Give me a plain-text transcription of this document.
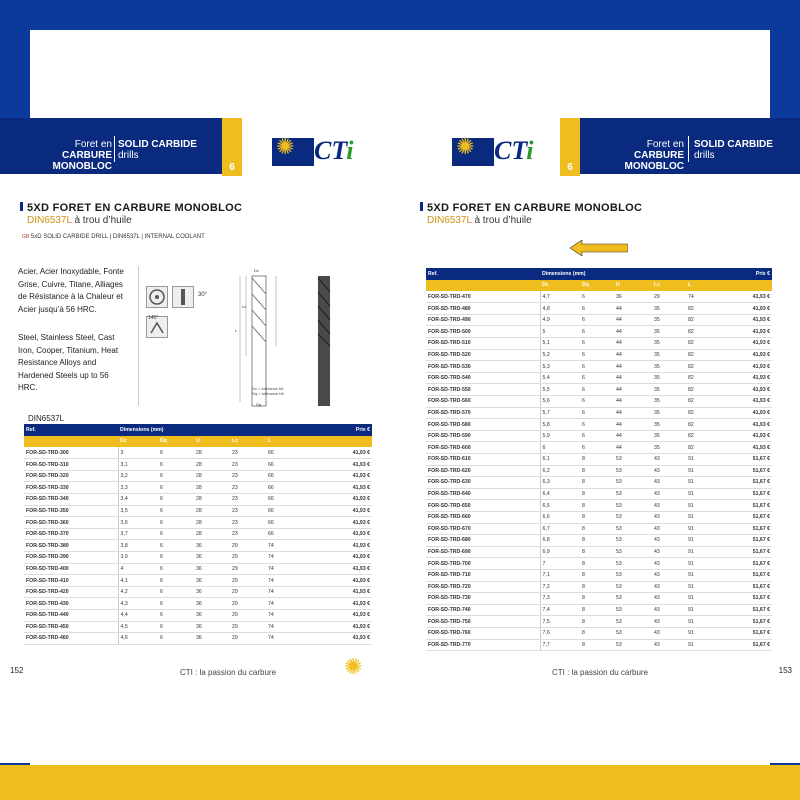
Foret en
CARBURE MONOBLOC
SOLID CARBIDE
drills
6
✺ CTi
5XD FORET EN CARBURE MONOBLOC
DIN6537L à trou d’huile
GB 5xD SOLID CARBIDE DRILL | DIN6537L | INTERNAL COOLANT
Acier, Acier Inoxydable, Fonte Grise, Cuivre, Titane, Alliages de Résistance à la Chaleur et Acier jusqu’à 56 HRC.
Steel, Stainless Steel, Cast Iron, Cooper, Titanium, Heat Resistance Alloys and Hardened Steels up to 56 HRC.
30°
140°
Dc = tolérance h8
Dq = tolérance h6
Dc
Dq
L
Lc
DIN6537L
Ref.	Dimensions (mm)					Prix €
	Dc	Dq	U	Lc	L	
FOR-SD-TRD-300	3	6	28	23	66	41,93 €
FOR-SD-TRD-310	3,1	6	28	23	66	41,93 €
FOR-SD-TRD-320	3,2	6	28	23	66	41,93 €
FOR-SD-TRD-330	3,3	6	28	23	66	41,93 €
FOR-SD-TRD-340	3,4	6	28	23	66	41,93 €
FOR-SD-TRD-350	3,5	6	28	23	66	41,93 €
FOR-SD-TRD-360	3,6	6	28	23	66	41,93 €
FOR-SD-TRD-370	3,7	6	28	23	66	41,93 €
FOR-SD-TRD-380	3,8	6	36	29	74	41,93 €
FOR-SD-TRD-390	3,9	6	36	29	74	41,93 €
FOR-SD-TRD-400	4	6	36	29	74	41,93 €
FOR-SD-TRD-410	4,1	6	36	29	74	41,93 €
FOR-SD-TRD-420	4,2	6	36	29	74	41,93 €
FOR-SD-TRD-430	4,3	6	36	29	74	41,93 €
FOR-SD-TRD-440	4,4	6	36	29	74	41,93 €
FOR-SD-TRD-450	4,5	6	36	29	74	41,93 €
FOR-SD-TRD-460	4,6	6	36	29	74	41,93 €
152	CTI : la passion du carbure	✺
Foret en
CARBURE MONOBLOC
SOLID CARBIDE
drills
6
✺ CTi
5XD FORET EN CARBURE MONOBLOC
DIN6537L à trou d’huile
Ref.	Dimensions (mm)					Prix €
	Dc	Dq	U	Lc	L	
FOR-SD-TRD-470	4,7	6	36	29	74	41,93 €
FOR-SD-TRD-480	4,8	6	44	35	82	41,93 €
FOR-SD-TRD-490	4,9	6	44	35	82	41,93 €
FOR-SD-TRD-500	5	6	44	35	82	41,93 €
FOR-SD-TRD-510	5,1	6	44	35	82	41,93 €
FOR-SD-TRD-520	5,2	6	44	35	82	41,93 €
FOR-SD-TRD-530	5,3	6	44	35	82	41,93 €
FOR-SD-TRD-540	5,4	6	44	35	82	41,93 €
FOR-SD-TRD-550	5,5	6	44	35	82	41,93 €
FOR-SD-TRD-560	5,6	6	44	35	82	41,93 €
FOR-SD-TRD-570	5,7	6	44	35	82	41,93 €
FOR-SD-TRD-580	5,8	6	44	35	82	41,93 €
FOR-SD-TRD-590	5,9	6	44	35	82	41,93 €
FOR-SD-TRD-600	6	6	44	35	82	41,93 €
FOR-SD-TRD-610	6,1	8	53	43	91	51,67 €
FOR-SD-TRD-620	6,2	8	53	43	91	51,67 €
FOR-SD-TRD-630	6,3	8	53	43	91	51,67 €
FOR-SD-TRD-640	6,4	8	53	43	91	51,67 €
FOR-SD-TRD-650	6,5	8	53	43	91	51,67 €
FOR-SD-TRD-660	6,6	8	53	43	91	51,67 €
FOR-SD-TRD-670	6,7	8	53	43	91	51,67 €
FOR-SD-TRD-680	6,8	8	53	43	91	51,67 €
FOR-SD-TRD-690	6,9	8	53	43	91	51,67 €
FOR-SD-TRD-700	7	8	53	43	91	51,67 €
FOR-SD-TRD-710	7,1	8	53	43	91	51,67 €
FOR-SD-TRD-720	7,2	8	53	43	91	51,67 €
FOR-SD-TRD-730	7,3	8	53	43	91	51,67 €
FOR-SD-TRD-740	7,4	8	53	43	91	51,67 €
FOR-SD-TRD-750	7,5	8	53	43	91	51,67 €
FOR-SD-TRD-760	7,6	8	53	43	91	51,67 €
FOR-SD-TRD-770	7,7	8	53	43	91	51,67 €
153
CTI : la passion du carbure
